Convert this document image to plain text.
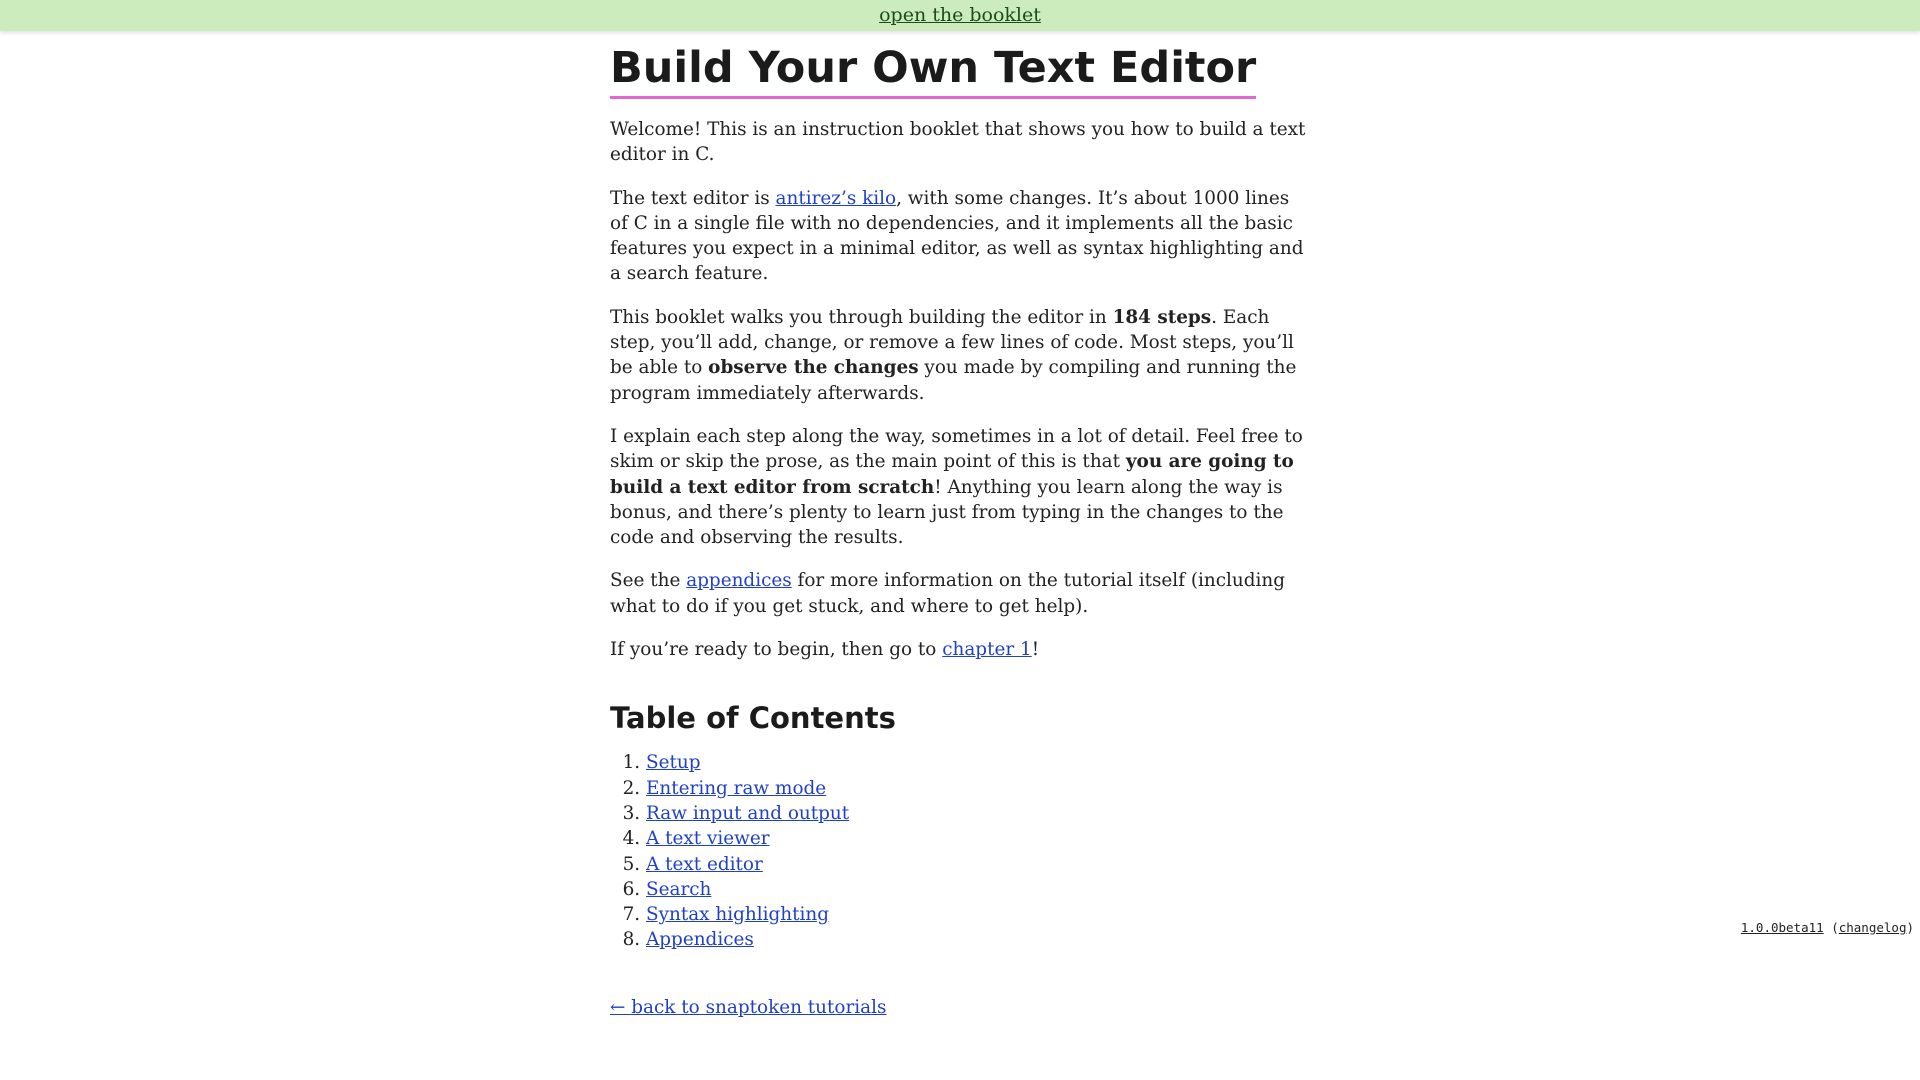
open the booklet
Build Your Own Text Editor

Welcome! This is an instruction booklet that shows you how to build a text editor in C.

The text editor is antirez’s kilo, with some changes. It’s about 1000 lines of C in a single file with no dependencies, and it implements all the basic features you expect in a minimal editor, as well as syntax highlighting and a search feature.

This booklet walks you through building the editor in 184 steps. Each step, you’ll add, change, or remove a few lines of code. Most steps, you’ll be able to observe the changes you made by compiling and running the program immediately afterwards.

I explain each step along the way, sometimes in a lot of detail. Feel free to skim or skip the prose, as the main point of this is that you are going to build a text editor from scratch! Anything you learn along the way is bonus, and there’s plenty to learn just from typing in the changes to the code and observing the results.

See the appendices for more information on the tutorial itself (including what to do if you get stuck, and where to get help).

If you’re ready to begin, then go to chapter 1!

Table of Contents
1. Setup
2. Entering raw mode
3. Raw input and output
4. A text viewer
5. A text editor
6. Search
7. Syntax highlighting
8. Appendices
← back to snaptoken tutorials
1.0.0beta11 (changelog)
